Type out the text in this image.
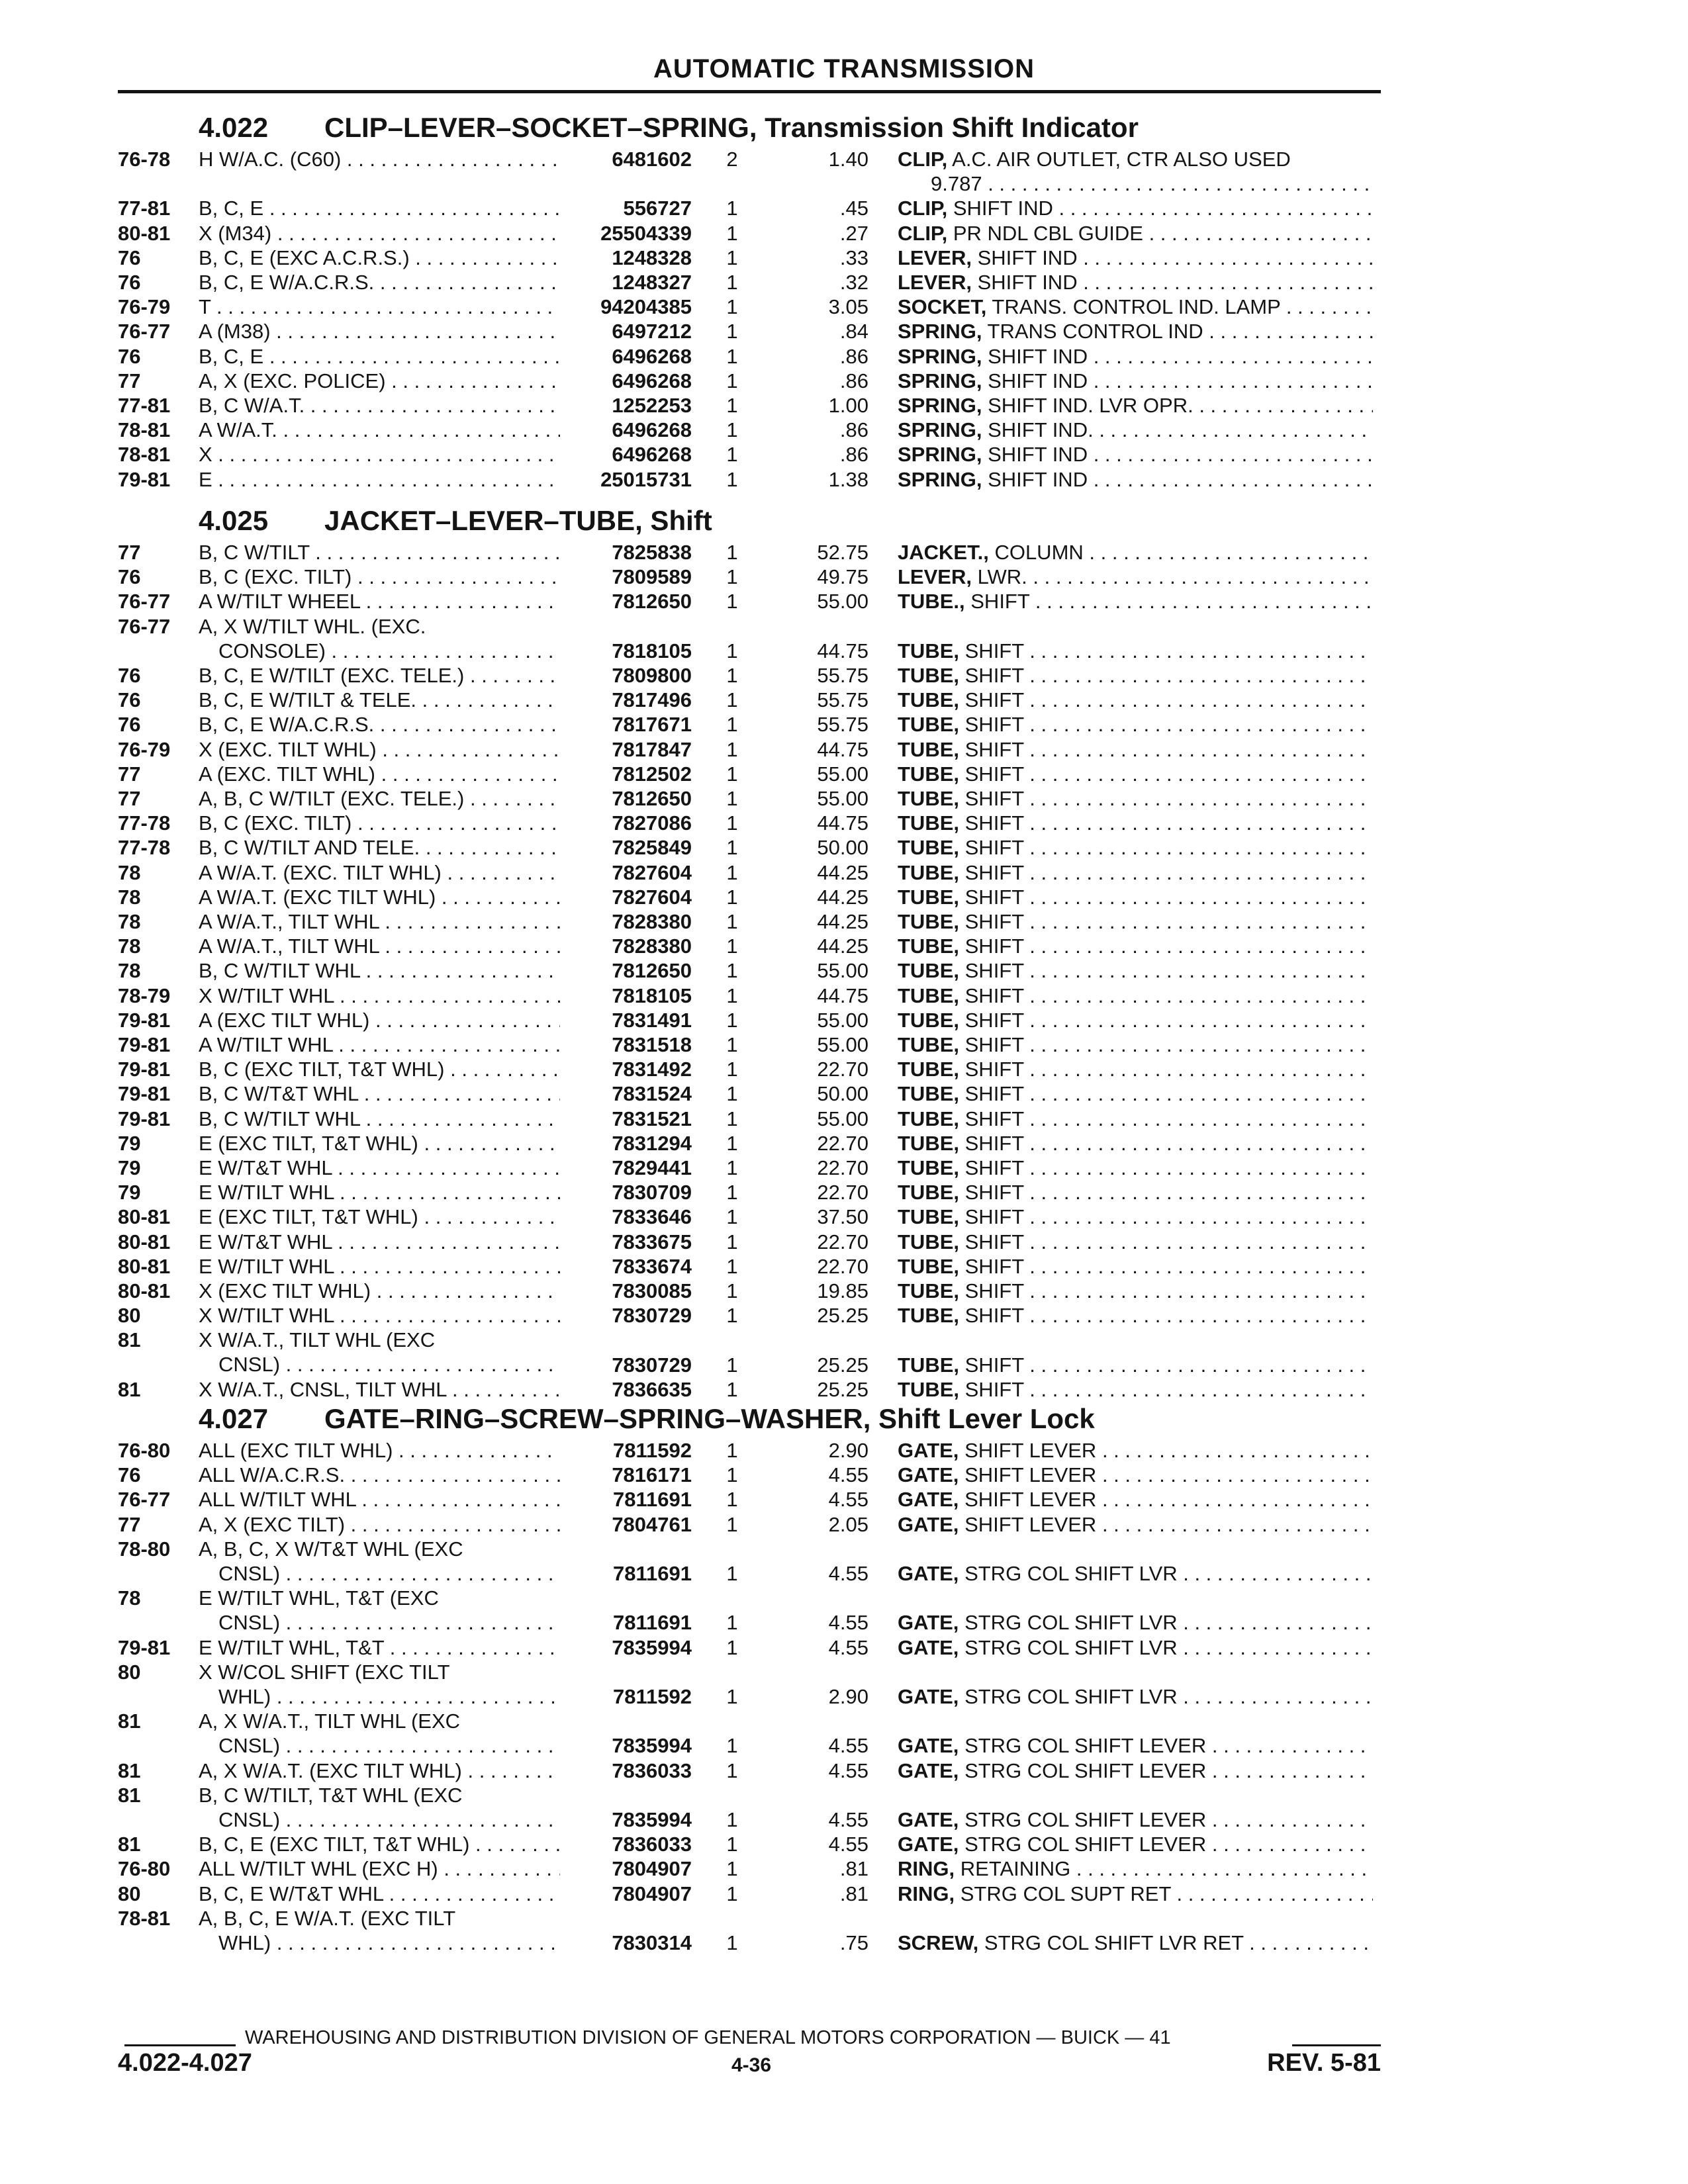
AUTOMATIC TRANSMISSION
4.022 CLIP–LEVER–SOCKET–SPRING, Transmission Shift Indicator
76-78 H W/A.C. (C60) . . .	6481602 2	1.40 CLIP, A.C. AIR OUTLET, CTR ALSO USED
9.787 . . .
77-81 B, C, E . . .	556727 1	.45 CLIP, SHIFT IND . . .
80-81 X (M34) . . .	25504339 1	.27 CLIP, PR NDL CBL GUIDE . . .
76	B, C, E (EXC A.C.R.S.) . . .	1248328 1	.33 LEVER, SHIFT IND . . .
76	B, C, E W/A.C.R.S. . . .	1248327 1	.32 LEVER, SHIFT IND . . .
76-79 T . . .	94204385 1	3.05 SOCKET, TRANS. CONTROL IND. LAMP . . .
76-77 A (M38) . . .	6497212 1	.84 SPRING, TRANS CONTROL IND . . .
76	B, C, E . . .	6496268 1	.86 SPRING, SHIFT IND . . .
77	A, X (EXC. POLICE) . . .	6496268 1	.86 SPRING, SHIFT IND . . .
77-81 B, C W/A.T. . . .	1252253 1	1.00 SPRING, SHIFT IND. LVR OPR. . . .
78-81 A W/A.T. . . .	6496268 1	.86 SPRING, SHIFT IND. . . .
78-81 X . . .	6496268 1	.86 SPRING, SHIFT IND . . .
79-81 E . . .	25015731 1	1.38 SPRING, SHIFT IND . . .
4.025 JACKET–LEVER–TUBE, Shift
77	B, C W/TILT . . .	7825838 1	52.75 JACKET., COLUMN . . .
76	B, C (EXC. TILT) . . .	7809589 1	49.75 LEVER, LWR. . . .
76-77 A W/TILT WHEEL . . .	7812650 1	55.00 TUBE., SHIFT . . .
76-77 A, X W/TILT WHL. (EXC.
CONSOLE) . . .	7818105 1	44.75 TUBE, SHIFT . . .
76	B, C, E W/TILT (EXC. TELE.) . . .	7809800 1	55.75 TUBE, SHIFT . . .
76	B, C, E W/TILT & TELE. . . .	7817496 1	55.75 TUBE, SHIFT . . .
76	B, C, E W/A.C.R.S. . . .	7817671 1	55.75 TUBE, SHIFT . . .
76-79 X (EXC. TILT WHL) . . .	7817847 1	44.75 TUBE, SHIFT . . .
77	A (EXC. TILT WHL) . . .	7812502 1	55.00 TUBE, SHIFT . . .
77	A, B, C W/TILT (EXC. TELE.) . . .	7812650 1	55.00 TUBE, SHIFT . . .
77-78 B, C (EXC. TILT) . . .	7827086 1	44.75 TUBE, SHIFT . . .
77-78 B, C W/TILT AND TELE. . . .	7825849 1	50.00 TUBE, SHIFT . . .
78	A W/A.T. (EXC. TILT WHL) . . .	7827604 1	44.25 TUBE, SHIFT . . .
78	A W/A.T. (EXC TILT WHL) . . .	7827604 1	44.25 TUBE, SHIFT . . .
78	A W/A.T., TILT WHL . . .	7828380 1	44.25 TUBE, SHIFT . . .
78	A W/A.T., TILT WHL . . .	7828380 1	44.25 TUBE, SHIFT . . .
78	B, C W/TILT WHL . . .	7812650 1	55.00 TUBE, SHIFT . . .
78-79 X W/TILT WHL . . .	7818105 1	44.75 TUBE, SHIFT . . .
79-81 A (EXC TILT WHL) . . .	7831491 1	55.00 TUBE, SHIFT . . .
79-81 A W/TILT WHL . . .	7831518 1	55.00 TUBE, SHIFT . . .
79-81 B, C (EXC TILT, T&T WHL) . . .	7831492 1	22.70 TUBE, SHIFT . . .
79-81 B, C W/T&T WHL . . .	7831524 1	50.00 TUBE, SHIFT . . .
79-81 B, C W/TILT WHL . . .	7831521 1	55.00 TUBE, SHIFT . . .
79	E (EXC TILT, T&T WHL) . . .	7831294 1	22.70 TUBE, SHIFT . . .
79	E W/T&T WHL . . .	7829441 1	22.70 TUBE, SHIFT . . .
79	E W/TILT WHL . . .	7830709 1	22.70 TUBE, SHIFT . . .
80-81 E (EXC TILT, T&T WHL) . . .	7833646 1	37.50 TUBE, SHIFT . . .
80-81 E W/T&T WHL . . .	7833675 1	22.70 TUBE, SHIFT . . .
80-81 E W/TILT WHL . . .	7833674 1	22.70 TUBE, SHIFT . . .
80-81 X (EXC TILT WHL) . . .	7830085 1	19.85 TUBE, SHIFT . . .
80	X W/TILT WHL . . .	7830729 1	25.25 TUBE, SHIFT . . .
81	X W/A.T., TILT WHL (EXC
CNSL) . . .	7830729 1	25.25 TUBE, SHIFT . . .
81	X W/A.T., CNSL, TILT WHL . . .	7836635 1	25.25 TUBE, SHIFT . . .
4.027 GATE–RING–SCREW–SPRING–WASHER, Shift Lever Lock
76-80 ALL (EXC TILT WHL) . . .	7811592 1	2.90 GATE, SHIFT LEVER . . .
76	ALL W/A.C.R.S. . . .	7816171 1	4.55 GATE, SHIFT LEVER . . .
76-77 ALL W/TILT WHL . . .	7811691 1	4.55 GATE, SHIFT LEVER . . .
77	A, X (EXC TILT) . . .	7804761 1	2.05 GATE, SHIFT LEVER . . .
78-80 A, B, C, X W/T&T WHL (EXC
CNSL) . . .	7811691 1	4.55 GATE, STRG COL SHIFT LVR . . .
78	E W/TILT WHL, T&T (EXC
CNSL) . . .	7811691 1	4.55 GATE, STRG COL SHIFT LVR . . .
79-81 E W/TILT WHL, T&T . . .	7835994 1	4.55 GATE, STRG COL SHIFT LVR . . .
80	X W/COL SHIFT (EXC TILT
WHL) . . .	7811592 1	2.90 GATE, STRG COL SHIFT LVR . . .
81	A, X W/A.T., TILT WHL (EXC
CNSL) . . .	7835994 1	4.55 GATE, STRG COL SHIFT LEVER . . .
81	A, X W/A.T. (EXC TILT WHL) . . .	7836033 1	4.55 GATE, STRG COL SHIFT LEVER . . .
81	B, C W/TILT, T&T WHL (EXC
CNSL) . . .	7835994 1	4.55 GATE, STRG COL SHIFT LEVER . . .
81	B, C, E (EXC TILT, T&T WHL) . . .	7836033 1	4.55 GATE, STRG COL SHIFT LEVER . . .
76-80 ALL W/TILT WHL (EXC H) . . .	7804907 1	.81 RING, RETAINING . . .
80	B, C, E W/T&T WHL . . .	7804907 1	.81 RING, STRG COL SUPT RET . . .
78-81 A, B, C, E W/A.T. (EXC TILT
WHL) . . .	7830314 1	.75 SCREW, STRG COL SHIFT LVR RET . . .
WAREHOUSING AND DISTRIBUTION DIVISION OF GENERAL MOTORS CORPORATION — BUICK — 41
4.022-4.027	4-36	REV. 5-81
